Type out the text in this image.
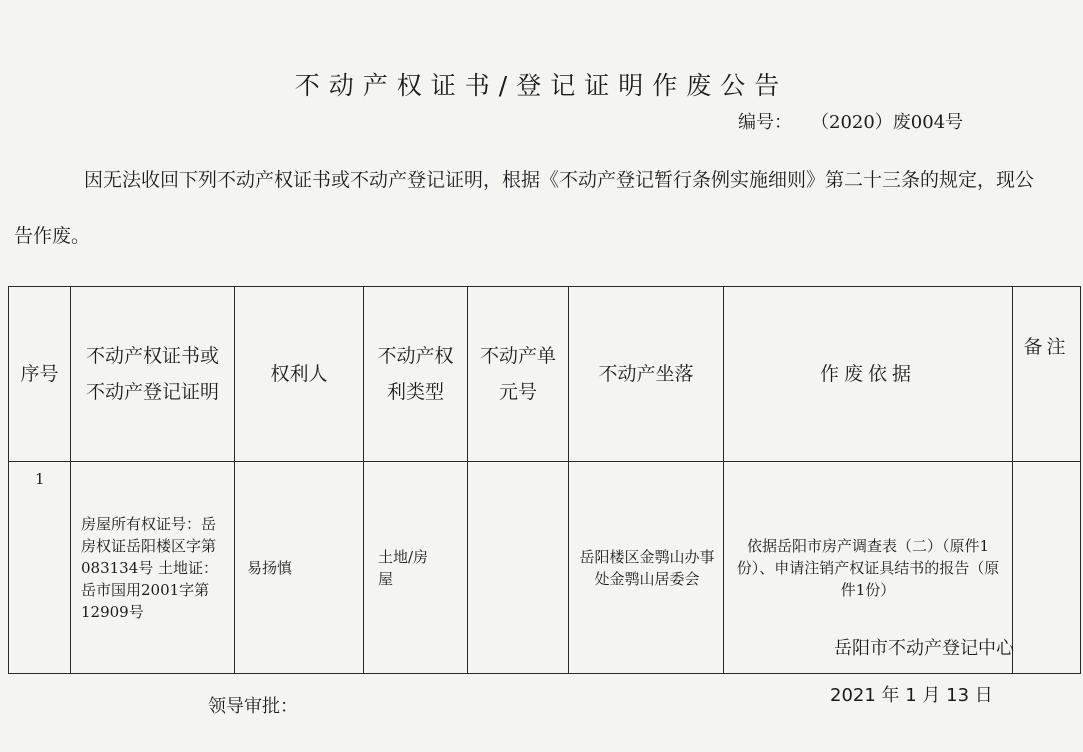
不动产权证书/登记证明作废公告
编号： （2020）废004号
因无法收回下列不动产权证书或不动产登记证明，根据《不动产登记暂行条例实施细则》第二十三条的规定，现公告作废。
序号	不动产权证书或不动产登记证明	权利人	不动产权利类型	不动产单元号	不动产坐落	作废依据	备注
1	房屋所有权证号：岳房权证岳阳楼区字第083134号 土地证：岳市国用2001字第12909号	易扬慎	土地/房屋		岳阳楼区金鹗山办事处金鹗山居委会	依据岳阳市房产调查表（二）（原件1份）、申请注销产权证具结书的报告（原件1份）	
岳阳市不动产登记中心
领导审批：
2021 年 1 月 13 日
